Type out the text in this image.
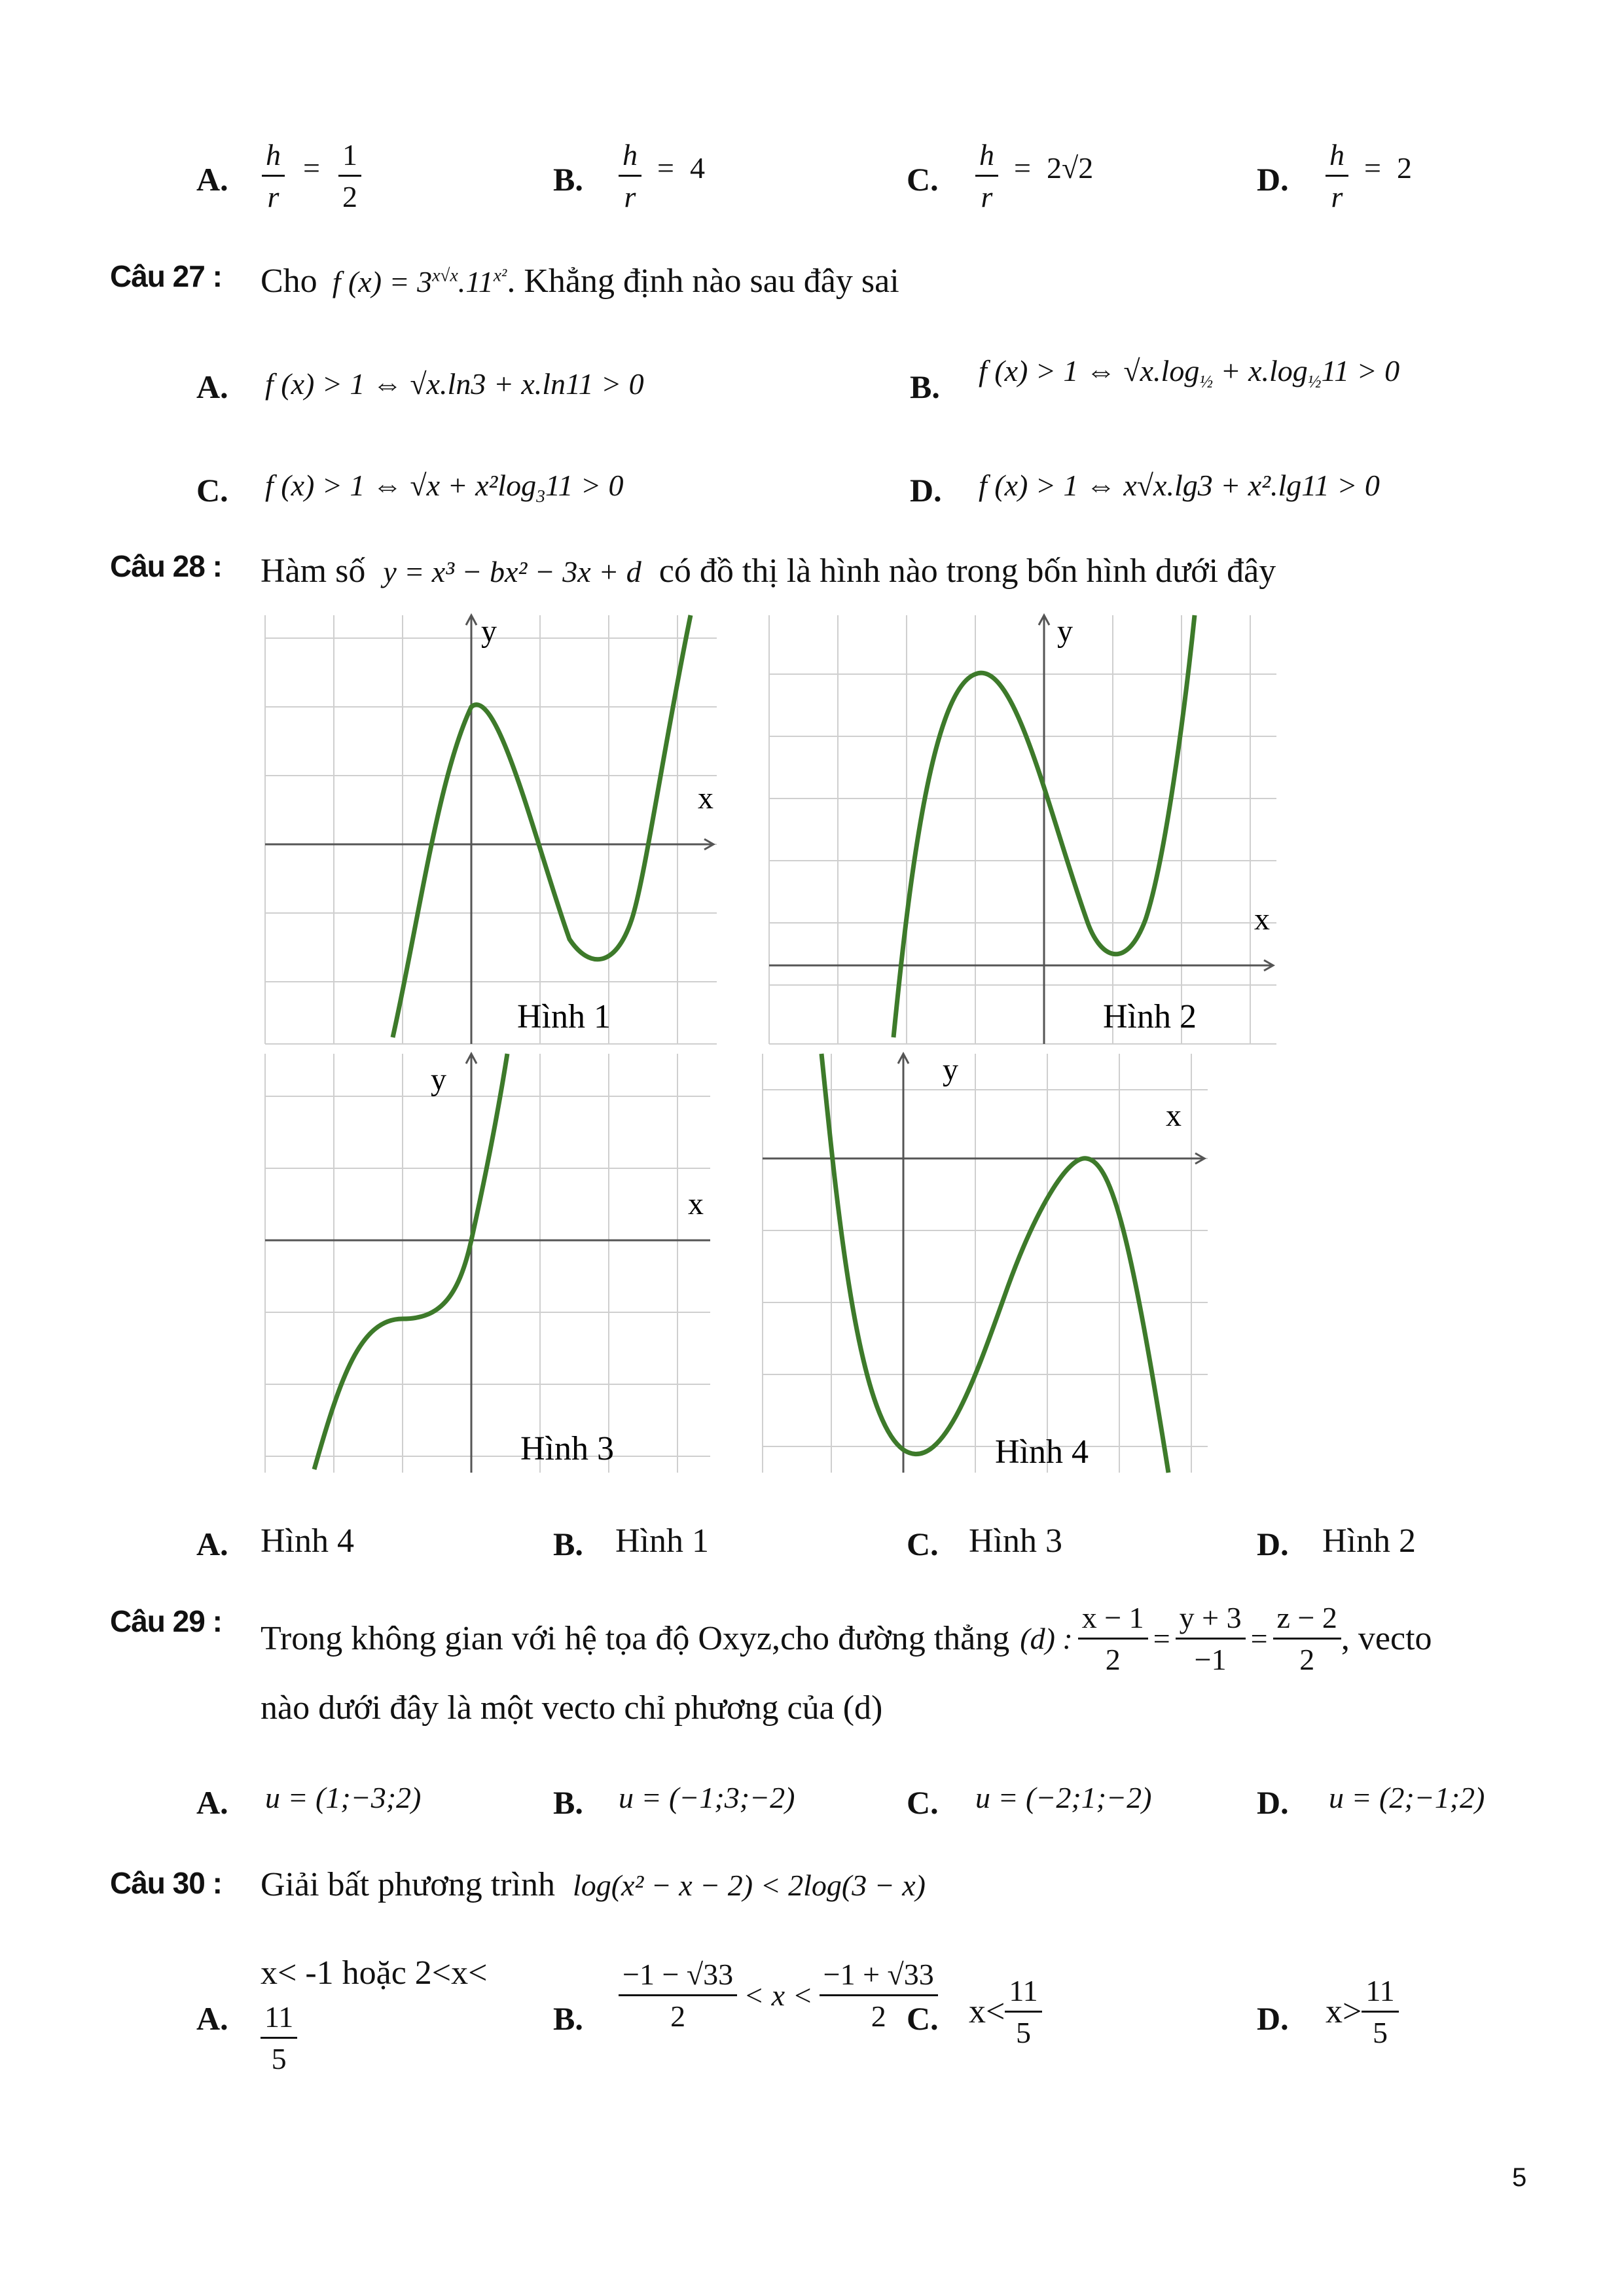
A. $\frac{h}{r} = \frac{1}{2}$	B. $\frac{h}{r} = 4$	C. $\frac{h}{r} = 2√2$	D. $\frac{h}{r} = 2$
Câu 27 : Cho f $(x) = 3^{x√x}.11^{x^2}$. Khẳng định nào sau đây sai
A. f (x) > 1 ⇔ √x.ln3 + x.ln11 > 0	B. f (x) > 1 ⇔ $√x.\log_{\frac{1}{2}} + x.\log_{\frac{1}{2}}11 > 0$
C. f (x) > 1 ⇔ $√x + x^2\log_311 > 0$	D. f (x) > 1 ⇔ x√x.lg3 + x².lg11 > 0
Câu 28 : Hàm số y = x³ − bx² − 3x + d có đồ thị là hình nào trong bốn hình dưới đây
x
y
Hình 1
x
y
Hình 2
x
y
Hình 3
x
y
Hình 4
A. Hình 4	B. Hình 1	C. Hình 3	D. Hình 2
Câu 29 : Trong không gian với hệ tọa độ Oxyz,cho đường thẳng (d) : $\frac{x - 1}{2} = \frac{y + 3}{-1} = \frac{z - 2}{2}$ , vecto
nào dưới đây là một vecto chỉ phương của (d)
A. u = (1;−3;2)	B. u = (−1;3;−2)	C. u = (−2;1;−2)	D. u = (2;−1;2)
Câu 30 : Giải bất phương trình log(x² − x − 2) < 2log(3 − x)
A.
x< -1 hoặc 2<x<
$\frac{11}{5}$	B. $\frac{-1 - √33}{2} < x < \frac{-1 + √33}{2}$
C. $x< \frac{11}{5}$	D. $x> \frac{11}{5}$
5
